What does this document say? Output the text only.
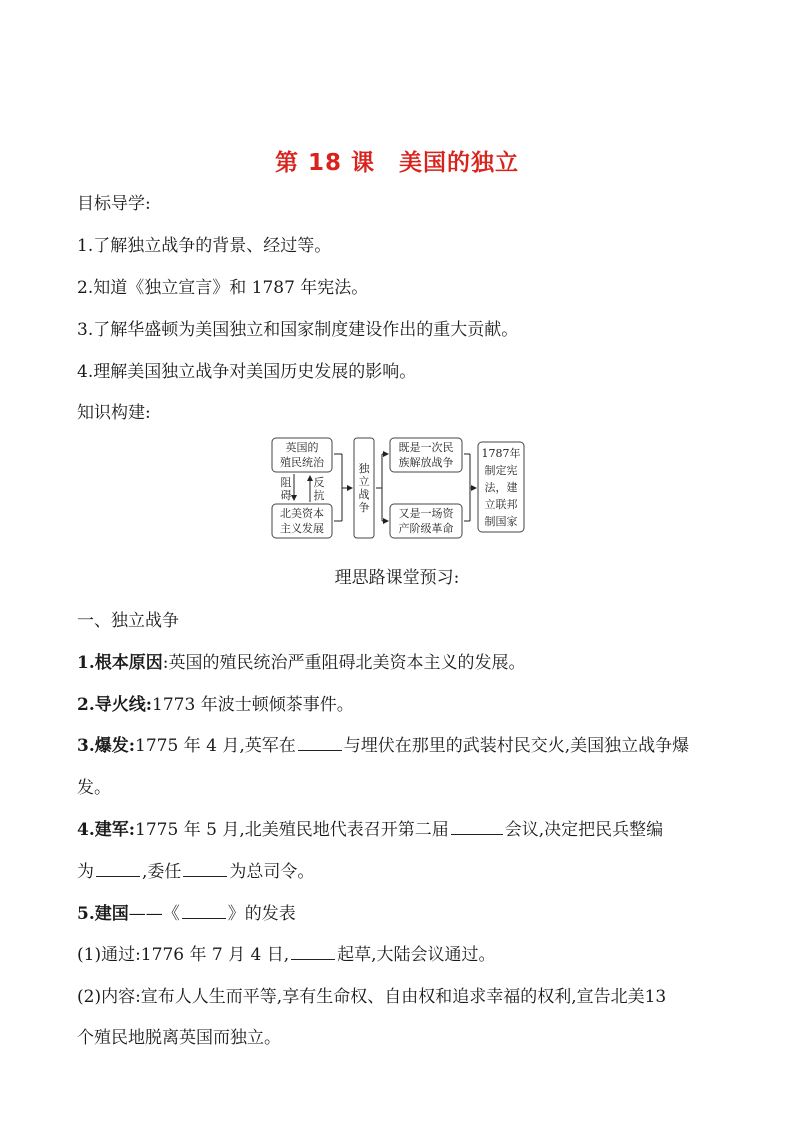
第 18 课　美国的独立
目标导学:
1.了解独立战争的背景、经过等。
2.知道《独立宣言》和 1787 年宪法。
3.了解华盛顿为美国独立和国家制度建设作出的重大贡献。
4.理解美国独立战争对美国历史发展的影响。
知识构建:
英国的
殖民统治
阻
碍
反
抗
北美资本
主义发展
独
立
战
争
既是一次民
族解放战争
又是一场资
产阶级革命
1787年
制定宪
法，建
立联邦
制国家
理思路课堂预习:
一、独立战争
1.根本原因:英国的殖民统治严重阻碍北美资本主义的发展。
2.导火线:1773 年波士顿倾茶事件。
3.爆发:1775 年 4 月,英军在	与埋伏在那里的武装村民交火,美国独立战争爆
发。
4.建军:1775 年 5 月,北美殖民地代表召开第二届	会议,决定把民兵整编
为	,委任	为总司令。
5.建国——《	》的发表
(1)通过:1776 年 7 月 4 日,	起草,大陆会议通过。
(2)内容:宣布人人生而平等,享有生命权、自由权和追求幸福的权利,宣告北美13
个殖民地脱离英国而独立。
